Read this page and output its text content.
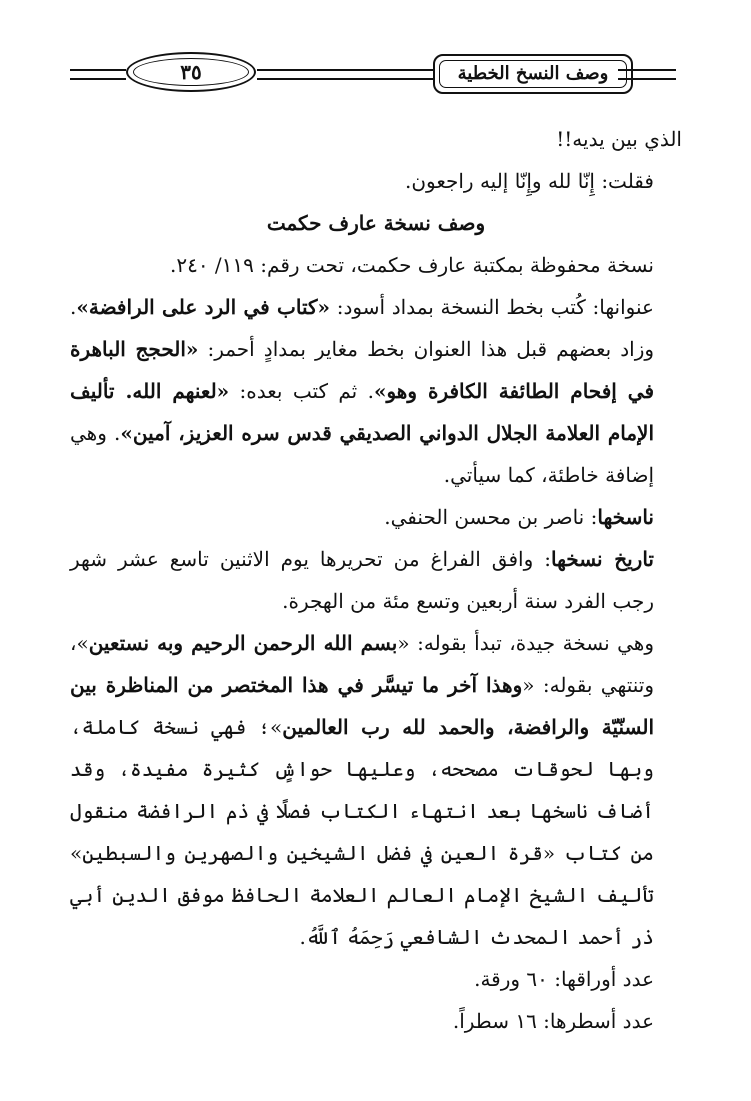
٣٥	وصف النسخ الخطية

الذي بين يديه!!

فقلت: إِنّا لله وإِنّا إليه راجعون.

وصف نسخة عارف حكمت

نسخة محفوظة بمكتبة عارف حكمت، تحت رقم: ١١٩/ ٢٤٠.

عنوانها: كُتب بخط النسخة بمداد أسود: «كتاب في الرد على الرافضة». وزاد بعضهم قبل هذا العنوان بخط مغاير بمدادٍ أحمر: «الحجج الباهرة في إفحام الطائفة الكافرة وهو». ثم كتب بعده: «لعنهم الله. تأليف الإمام العلامة الجلال الدواني الصديقي قدس سره العزيز، آمين». وهي إضافة خاطئة، كما سيأتي.

ناسخها: ناصر بن محسن الحنفي.

تاريخ نسخها: وافق الفراغ من تحريرها يوم الاثنين تاسع عشر شهر رجب الفرد سنة أربعين وتسع مئة من الهجرة.

وهي نسخة جيدة، تبدأ بقوله: «بسم الله الرحمن الرحيم وبه نستعين»، وتنتهي بقوله: «وهذا آخر ما تيسَّر في هذا المختصر من المناظرة بين السنّيّة والرافضة، والحمد لله رب العالمين»؛ فهي نسخة كاملة، وبها لحوقات مصححه، وعليها حواشٍ كثيرة مفيدة، وقد أضاف ناسخها بعد انتهاء الكتاب فصلًا في ذم الرافضة منقول من كتاب «قرة العين في فضل الشيخين والصهرين والسبطين» تأليف الشيخ الإمام العالم العلامة الحافظ موفق الدين أبي ذر أحمد المحدث الشافعي رَحِمَهُ ٱللَّهُ.

عدد أوراقها: ٦٠ ورقة.

عدد أسطرها: ١٦ سطراً.
